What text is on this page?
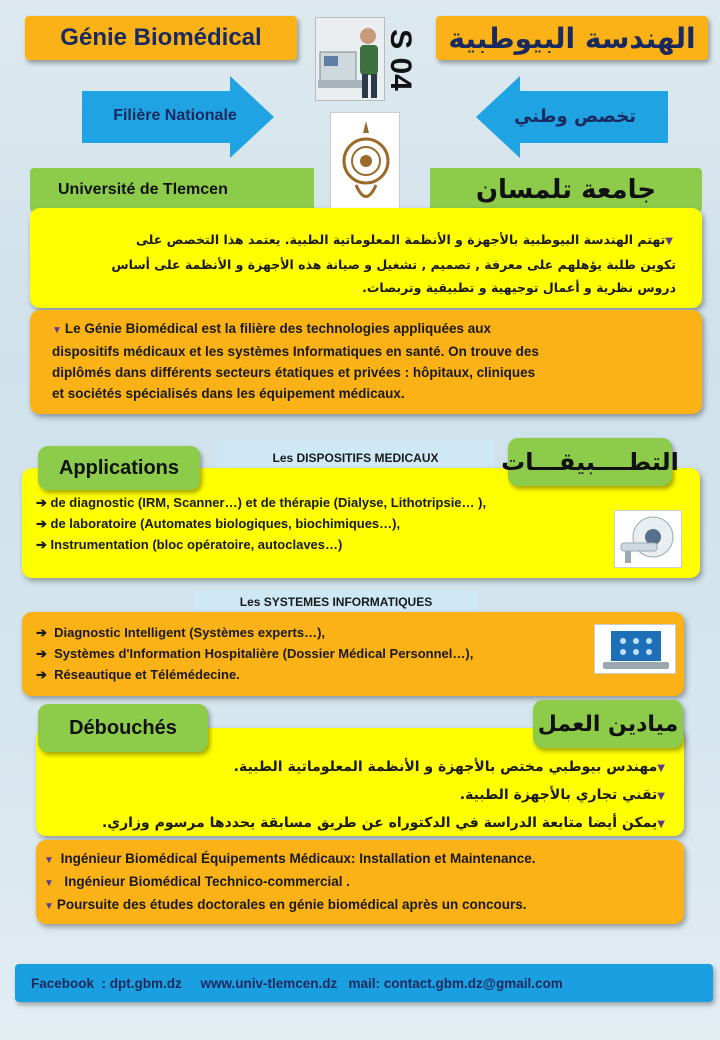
Génie Biomédical	S 04	الهندسة البيوطبية
Filière Nationale	تخصص وطني
Université de Tlemcen	جامعة تلمسان
▼تهتم الهندسة البيوطبية بالأجهزة و الأنظمة المعلوماتية الطبية. يعتمد هذا التخصص على
تكوين طلبة يؤهلهم على معرفة , تصميم , تشغيل و صيانة هذه الأجهزة و الأنظمة على أساس
دروس نظرية و أعمال توجيهية و تطبيقية وتربصات.
▼ Le Génie Biomédical est la filière des technologies appliquées aux
dispositifs médicaux et les systèmes Informatiques en santé. On trouve des
diplômés dans différents secteurs étatiques et privées : hôpitaux, cliniques
et sociétés spécialisés dans les équipement médicaux.
Les DISPOSITIFS MEDICAUX
➔ de diagnostic (IRM, Scanner…) et de thérapie (Dialyse, Lithotripsie… ),
➔ de laboratoire (Automates biologiques, biochimiques…),
➔ Instrumentation (bloc opératoire, autoclaves…)
Applications	التطــــبيقـــات
Les SYSTEMES INFORMATIQUES
➔  Diagnostic Intelligent (Systèmes experts…),
➔  Systèmes d'Information Hospitalière (Dossier Médical Personnel…),
➔  Réseautique et Télémédecine.
▼مهندس بيوطبي مختص بالأجهزة و الأنظمة المعلوماتية الطبية.
▼تقني تجاري بالأجهزة الطبية.
▼يمكن أيضا متابعة الدراسة في الدكتوراه عن طريق مسابقة يحددها مرسوم وزاري.
Débouchés	ميادين العمل
▼ Ingénieur Biomédical Équipements Médicaux: Installation et Maintenance.
▼ Ingénieur Biomédical Technico-commercial .
▼ Poursuite des études doctorales en génie biomédical après un concours.
Facebook  : dpt.gbm.dz     www.univ-tlemcen.dz   mail: contact.gbm.dz@gmail.com
